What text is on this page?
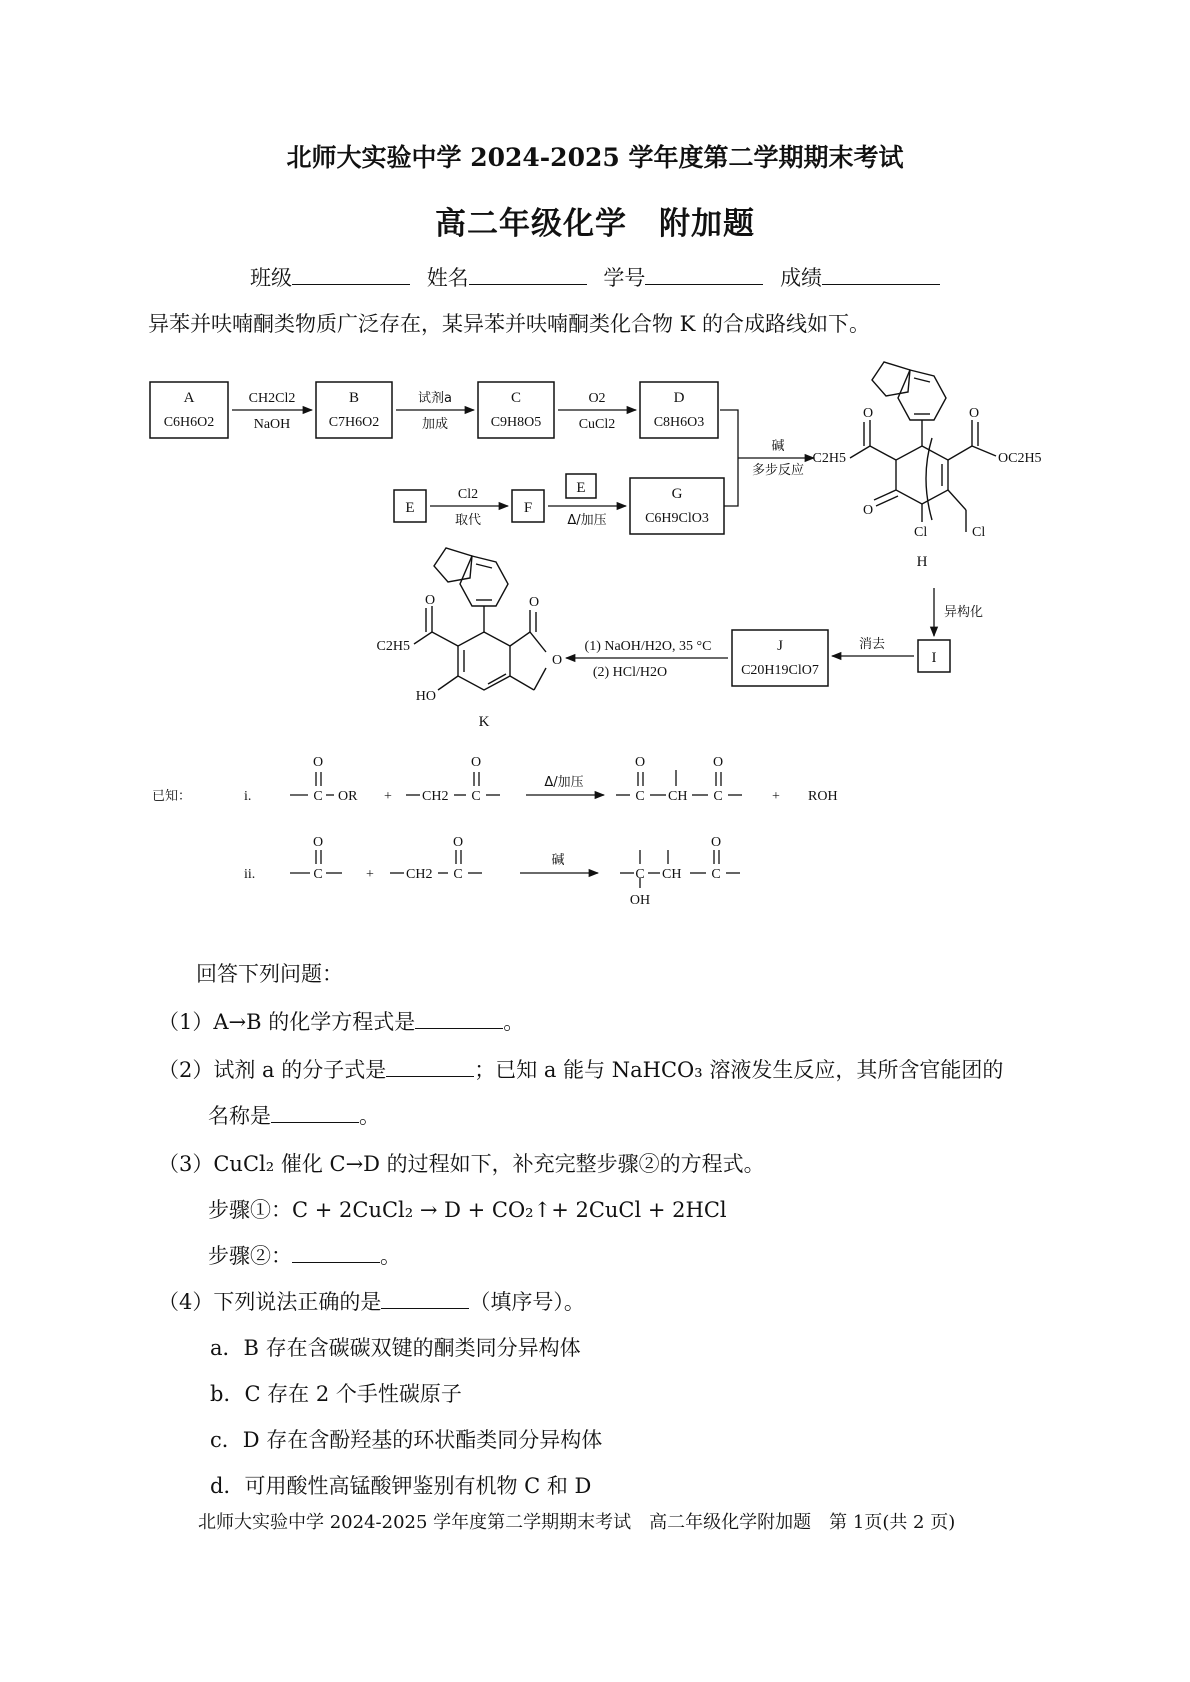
北师大实验中学 2024-2025 学年度第二学期期末考试
高二年级化学　附加题
班级	姓名	学号	成绩
异苯并呋喃酮类物质广泛存在，某异苯并呋喃酮类化合物 K 的合成路线如下。
A
C6H6O2
B
C7H6O2
C
C9H8O5
D
C8H6O3
E	F
E	G
C6H9ClO3
I
J
C20H19ClO7
CH2Cl2
NaOH
试剂a
加成
O2
CuCl2
碱
多步反应
Cl2
取代	Δ/加压
异构化
消去
(1) NaOH/H2O, 35 °C
(2) HCl/H2O
O	O
O
C2H5	OC2H5
Cl	Cl
H
O	O
O
C2H5
HO
K
已知：	i.
O
C OR + CH2
O
C
Δ/加压
O
C CH
O
C	+ ROH
ii.
O
C	+ CH2
O
C
碱
C
OH
CH
O
C
回答下列问题：
（1）A→B 的化学方程式是	。
（2）试剂 a 的分子式是	；已知 a 能与 NaHCO₃ 溶液发生反应，其所含官能团的
名称是	。
（3）CuCl₂ 催化 C→D 的过程如下，补充完整步骤②的方程式。
步骤①：C + 2CuCl₂ → D + CO₂↑+ 2CuCl + 2HCl
步骤②：	。
（4）下列说法正确的是	（填序号）。
a．B 存在含碳碳双键的酮类同分异构体
b．C 存在 2 个手性碳原子
c．D 存在含酚羟基的环状酯类同分异构体
d．可用酸性高锰酸钾鉴别有机物 C 和 D
北师大实验中学 2024-2025 学年度第二学期期末考试　高二年级化学附加题　第 1页(共 2 页)
